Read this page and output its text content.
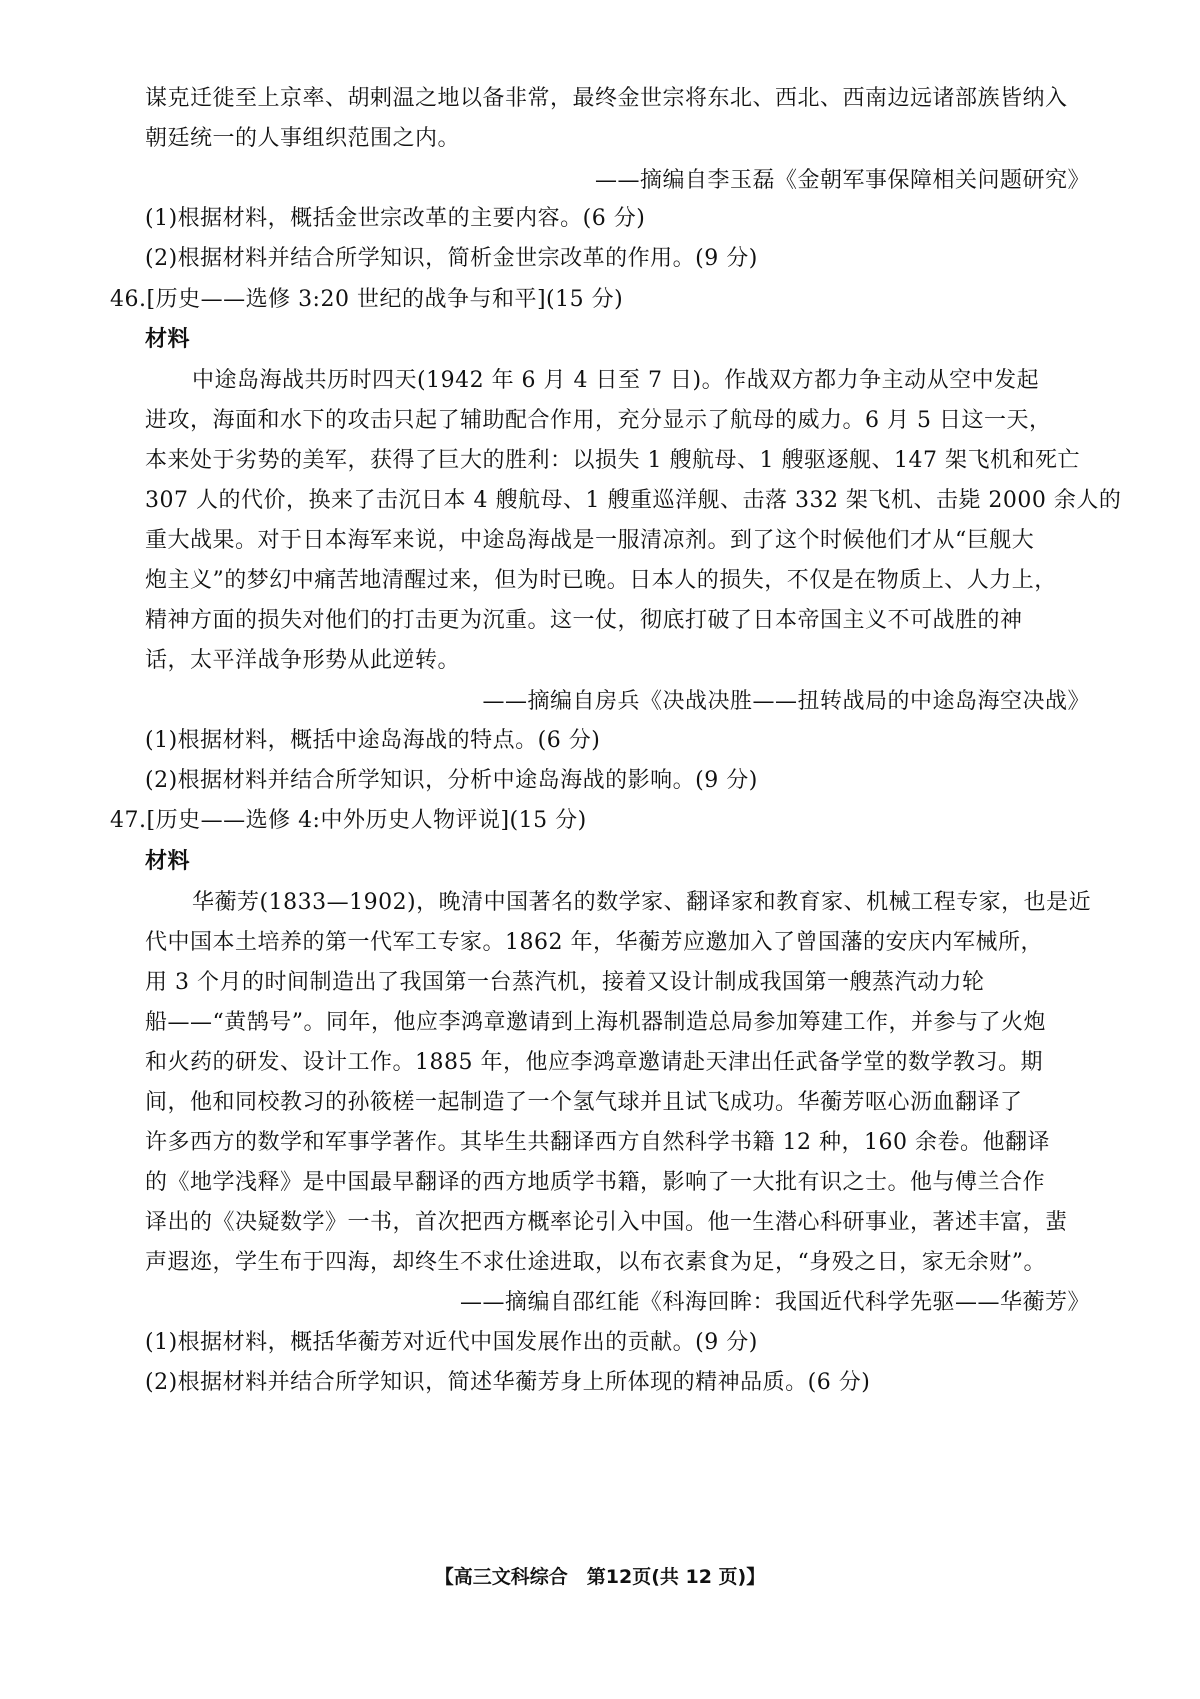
谋克迁徙至上京率、胡剌温之地以备非常，最终金世宗将东北、西北、西南边远诸部族皆纳入
朝廷统一的人事组织范围之内。
——摘编自李玉磊《金朝军事保障相关问题研究》
(1)根据材料，概括金世宗改革的主要内容。(6 分)
(2)根据材料并结合所学知识，简析金世宗改革的作用。(9 分)
46.[历史——选修 3:20 世纪的战争与和平](15 分)
材料
中途岛海战共历时四天(1942 年 6 月 4 日至 7 日)。作战双方都力争主动从空中发起
进攻，海面和水下的攻击只起了辅助配合作用，充分显示了航母的威力。6 月 5 日这一天，
本来处于劣势的美军，获得了巨大的胜利：以损失 1 艘航母、1 艘驱逐舰、147 架飞机和死亡
307 人的代价，换来了击沉日本 4 艘航母、1 艘重巡洋舰、击落 332 架飞机、击毙 2000 余人的
重大战果。对于日本海军来说，中途岛海战是一服清凉剂。到了这个时候他们才从“巨舰大
炮主义”的梦幻中痛苦地清醒过来，但为时已晚。日本人的损失，不仅是在物质上、人力上，
精神方面的损失对他们的打击更为沉重。这一仗，彻底打破了日本帝国主义不可战胜的神
话，太平洋战争形势从此逆转。
——摘编自房兵《决战决胜——扭转战局的中途岛海空决战》
(1)根据材料，概括中途岛海战的特点。(6 分)
(2)根据材料并结合所学知识，分析中途岛海战的影响。(9 分)
47.[历史——选修 4:中外历史人物评说](15 分)
材料
华蘅芳(1833—1902)，晚清中国著名的数学家、翻译家和教育家、机械工程专家，也是近
代中国本土培养的第一代军工专家。1862 年，华蘅芳应邀加入了曾国藩的安庆内军械所，
用 3 个月的时间制造出了我国第一台蒸汽机，接着又设计制成我国第一艘蒸汽动力轮
船——“黄鹄号”。同年，他应李鸿章邀请到上海机器制造总局参加筹建工作，并参与了火炮
和火药的研发、设计工作。1885 年，他应李鸿章邀请赴天津出任武备学堂的数学教习。期
间，他和同校教习的孙筱槎一起制造了一个氢气球并且试飞成功。华蘅芳呕心沥血翻译了
许多西方的数学和军事学著作。其毕生共翻译西方自然科学书籍 12 种，160 余卷。他翻译
的《地学浅释》是中国最早翻译的西方地质学书籍，影响了一大批有识之士。他与傅兰合作
译出的《决疑数学》一书，首次把西方概率论引入中国。他一生潜心科研事业，著述丰富，蜚
声遐迩，学生布于四海，却终生不求仕途进取，以布衣素食为足，“身殁之日，家无余财”。
——摘编自邵红能《科海回眸：我国近代科学先驱——华蘅芳》
(1)根据材料，概括华蘅芳对近代中国发展作出的贡献。(9 分)
(2)根据材料并结合所学知识，简述华蘅芳身上所体现的精神品质。(6 分)
【高三文科综合　第12页(共 12 页)】
